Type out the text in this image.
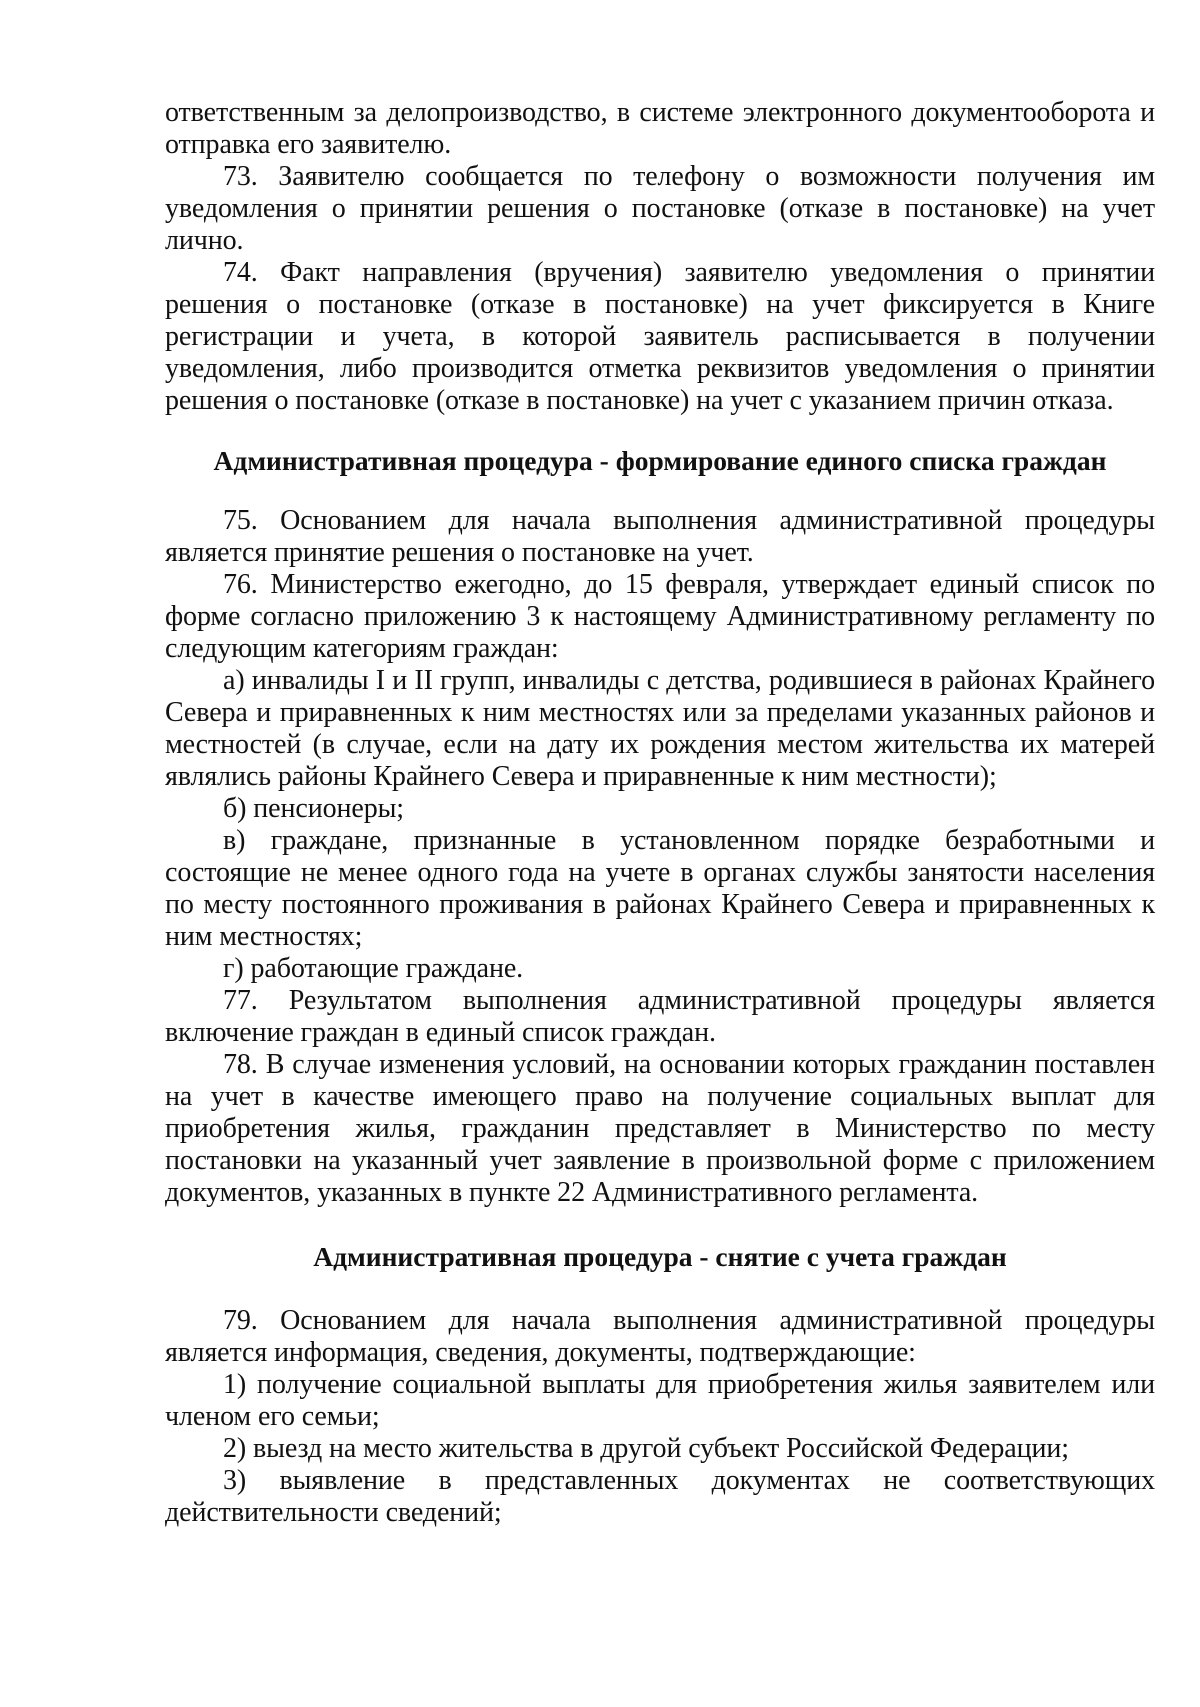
ответственным за делопроизводство, в системе электронного документооборота и отправка его заявителю.

73. Заявителю сообщается по телефону о возможности получения им уведомления о принятии решения о постановке (отказе в постановке) на учет лично.

74. Факт направления (вручения) заявителю уведомления о принятии решения о постановке (отказе в постановке) на учет фиксируется в Книге регистрации и учета, в которой заявитель расписывается в получении уведомления, либо производится отметка реквизитов уведомления о принятии решения о постановке (отказе в постановке) на учет с указанием причин отказа.

Административная процедура - формирование единого списка граждан

75. Основанием для начала выполнения административной процедуры является принятие решения о постановке на учет.

76. Министерство ежегодно, до 15 февраля, утверждает единый список по форме согласно приложению 3 к настоящему Административному регламенту по следующим категориям граждан:

а) инвалиды I и II групп, инвалиды с детства, родившиеся в районах Крайнего Севера и приравненных к ним местностях или за пределами указанных районов и местностей (в случае, если на дату их рождения местом жительства их матерей являлись районы Крайнего Севера и приравненные к ним местности);

б) пенсионеры;

в) граждане, признанные в установленном порядке безработными и состоящие не менее одного года на учете в органах службы занятости населения по месту постоянного проживания в районах Крайнего Севера и приравненных к ним местностях;

г) работающие граждане.

77. Результатом выполнения административной процедуры является включение граждан в единый список граждан.

78. В случае изменения условий, на основании которых гражданин поставлен на учет в качестве имеющего право на получение социальных выплат для приобретения жилья, гражданин представляет в Министерство по месту постановки на указанный учет заявление в произвольной форме с приложением документов, указанных в пункте 22 Административного регламента.

Административная процедура - снятие с учета граждан

79. Основанием для начала выполнения административной процедуры является информация, сведения, документы, подтверждающие:

1) получение социальной выплаты для приобретения жилья заявителем или членом его семьи;

2) выезд на место жительства в другой субъект Российской Федерации;

3) выявление в представленных документах не соответствующих действительности сведений;
